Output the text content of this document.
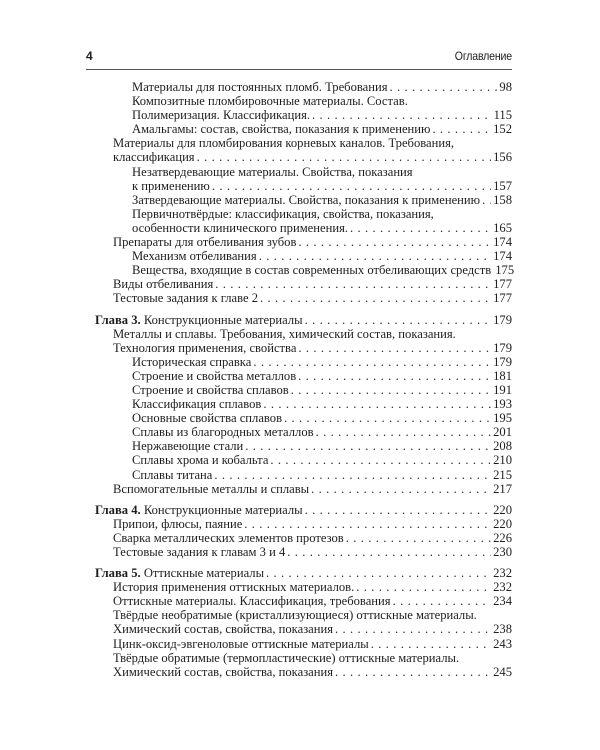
4	Оглавление
Материалы для постоянных пломб. Требования . . .	98
Композитные пломбировочные материалы. Состав.
Полимеризация. Классификация. . . .	115
Амальгамы: состав, свойства, показания к применению . . .	152
Материалы для пломбирования корневых каналов. Требования,
классификация . . .	156
Незатвердевающие материалы. Свойства, показания
к применению . . .	157
Затвердевающие материалы. Свойства, показания к применению . . . 158
Первичнотвёрдые: классификация, свойства, показания,
особенности клинического применения. . . .	165
Препараты для отбеливания зубов . . .	174
Механизм отбеливания . . .	174
Вещества, входящие в состав современных отбеливающих средств 175
Виды отбеливания . . .	177
Тестовые задания к главе 2 . . .	177
Глава 3. Конструкционные материалы . . .	179
Металлы и сплавы. Требования, химический состав, показания.
Технология применения, свойства . . .	179
Историческая справка . . .	179
Строение и свойства металлов . . .	181
Строение и свойства сплавов . . .	191
Классификация сплавов . . .	193
Основные свойства сплавов . . .	195
Сплавы из благородных металлов . . .	201
Нержавеющие стали . . .	208
Сплавы хрома и кобальта . . .	210
Сплавы титана . . .	215
Вспомогательные металлы и сплавы . . .	217
Глава 4. Конструкционные материалы . . .	220
Припои, флюсы, паяние . . .	220
Сварка металлических элементов протезов . . .	226
Тестовые задания к главам 3 и 4 . . .	230
Глава 5. Оттискные материалы . . .	232
История применения оттискных материалов. . . .	232
Оттискные материалы. Классификация, требования . . .	234
Твёрдые необратимые (кристаллизующиеся) оттискные материалы.
Химический состав, свойства, показания . . .	238
Цинк-оксид-эвгеноловые оттискные материалы . . .	243
Твёрдые обратимые (термопластические) оттискные материалы.
Химический состав, свойства, показания . . .	245
